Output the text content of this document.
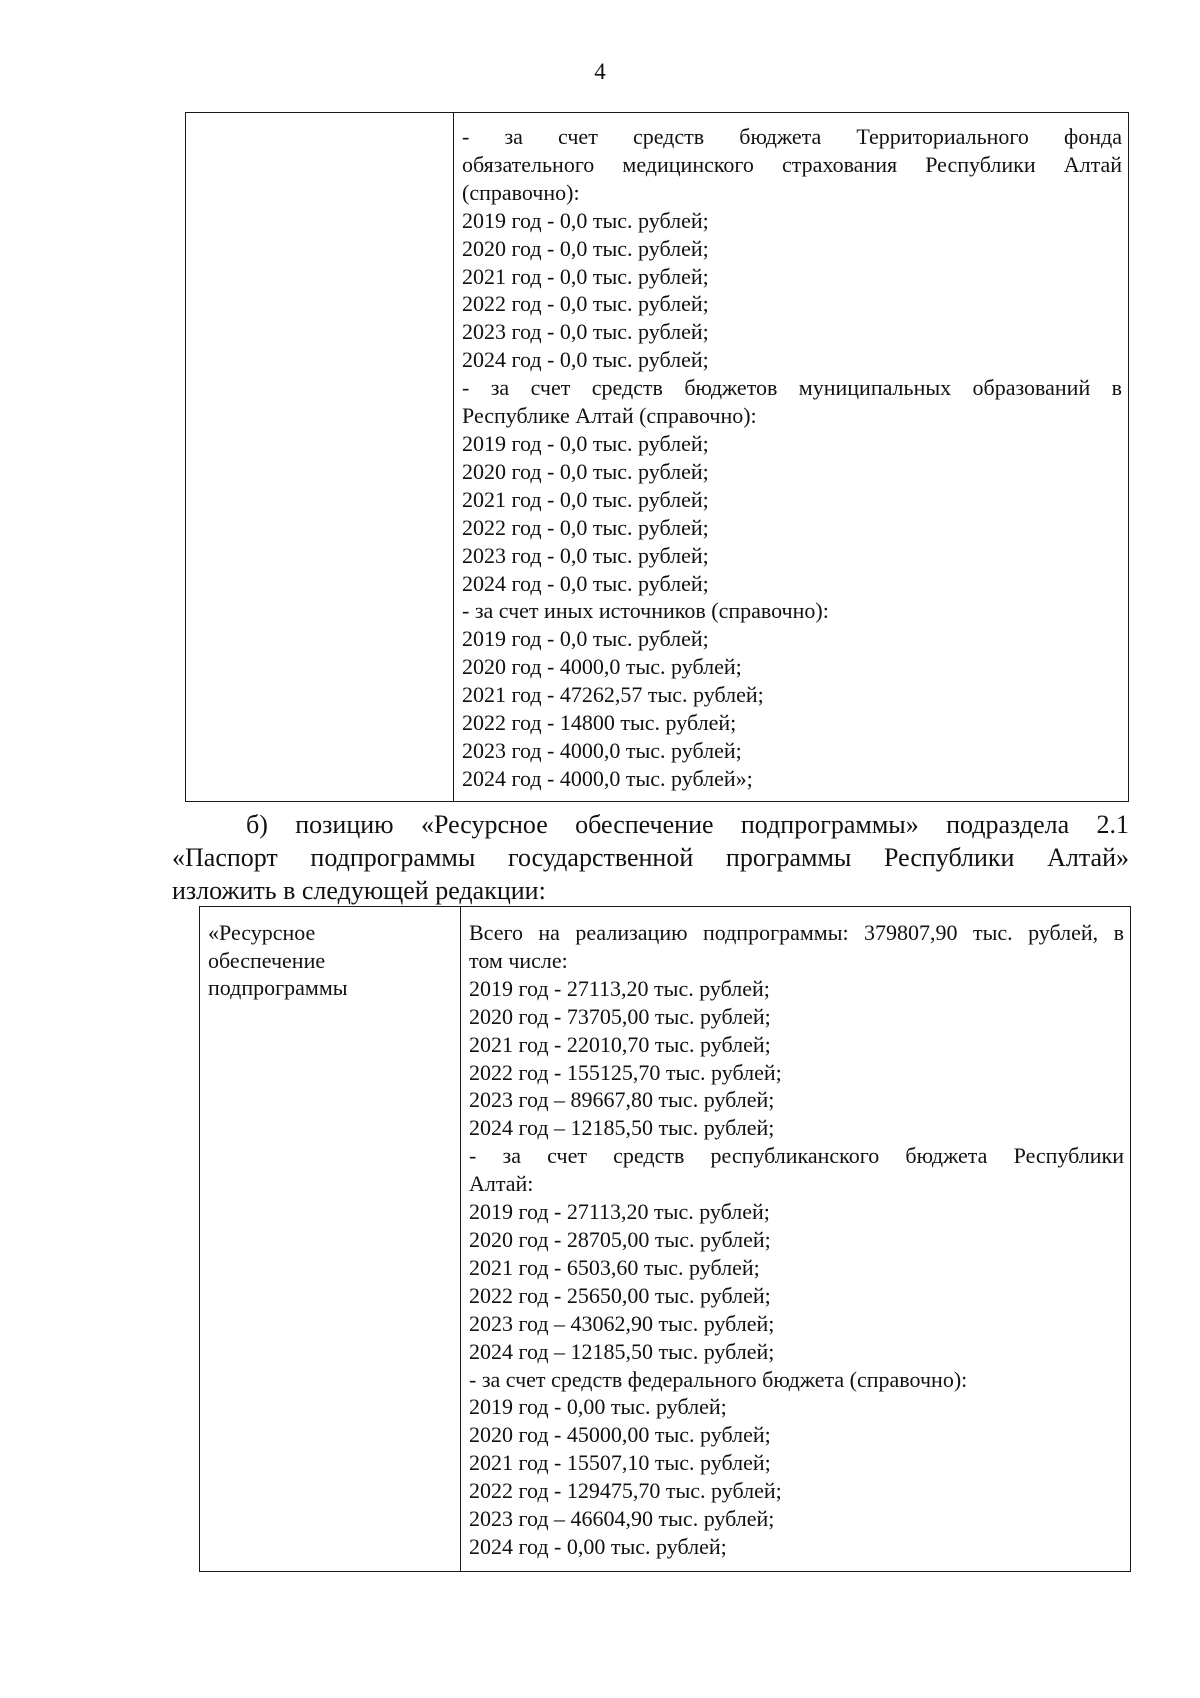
4

- за счет средств бюджета Территориального фонда
обязательного медицинского страхования Республики Алтай
(справочно):
2019 год - 0,0 тыс. рублей;
2020 год - 0,0 тыс. рублей;
2021 год - 0,0 тыс. рублей;
2022 год - 0,0 тыс. рублей;
2023 год - 0,0 тыс. рублей;
2024 год - 0,0 тыс. рублей;
- за счет средств бюджетов муниципальных образований в
Республике Алтай (справочно):
2019 год - 0,0 тыс. рублей;
2020 год - 0,0 тыс. рублей;
2021 год - 0,0 тыс. рублей;
2022 год - 0,0 тыс. рублей;
2023 год - 0,0 тыс. рублей;
2024 год - 0,0 тыс. рублей;
- за счет иных источников (справочно):
2019 год - 0,0 тыс. рублей;
2020 год - 4000,0 тыс. рублей;
2021 год - 47262,57 тыс. рублей;
2022 год - 14800 тыс. рублей;
2023 год - 4000,0 тыс. рублей;
2024 год - 4000,0 тыс. рублей»;
б) позицию «Ресурсное обеспечение подпрограммы» подраздела 2.1
«Паспорт подпрограммы государственной программы Республики Алтай»
изложить в следующей редакции:
«Ресурсное
обеспечение
подпрограммы

Всего на реализацию подпрограммы: 379807,90 тыс. рублей, в
том числе:
2019 год - 27113,20 тыс. рублей;
2020 год - 73705,00 тыс. рублей;
2021 год - 22010,70 тыс. рублей;
2022 год - 155125,70 тыс. рублей;
2023 год – 89667,80 тыс. рублей;
2024 год – 12185,50 тыс. рублей;
- за счет средств республиканского бюджета Республики
Алтай:
2019 год - 27113,20 тыс. рублей;
2020 год - 28705,00 тыс. рублей;
2021 год - 6503,60 тыс. рублей;
2022 год - 25650,00 тыс. рублей;
2023 год – 43062,90 тыс. рублей;
2024 год – 12185,50 тыс. рублей;
- за счет средств федерального бюджета (справочно):
2019 год - 0,00 тыс. рублей;
2020 год - 45000,00 тыс. рублей;
2021 год - 15507,10 тыс. рублей;
2022 год - 129475,70 тыс. рублей;
2023 год – 46604,90 тыс. рублей;
2024 год - 0,00 тыс. рублей;
